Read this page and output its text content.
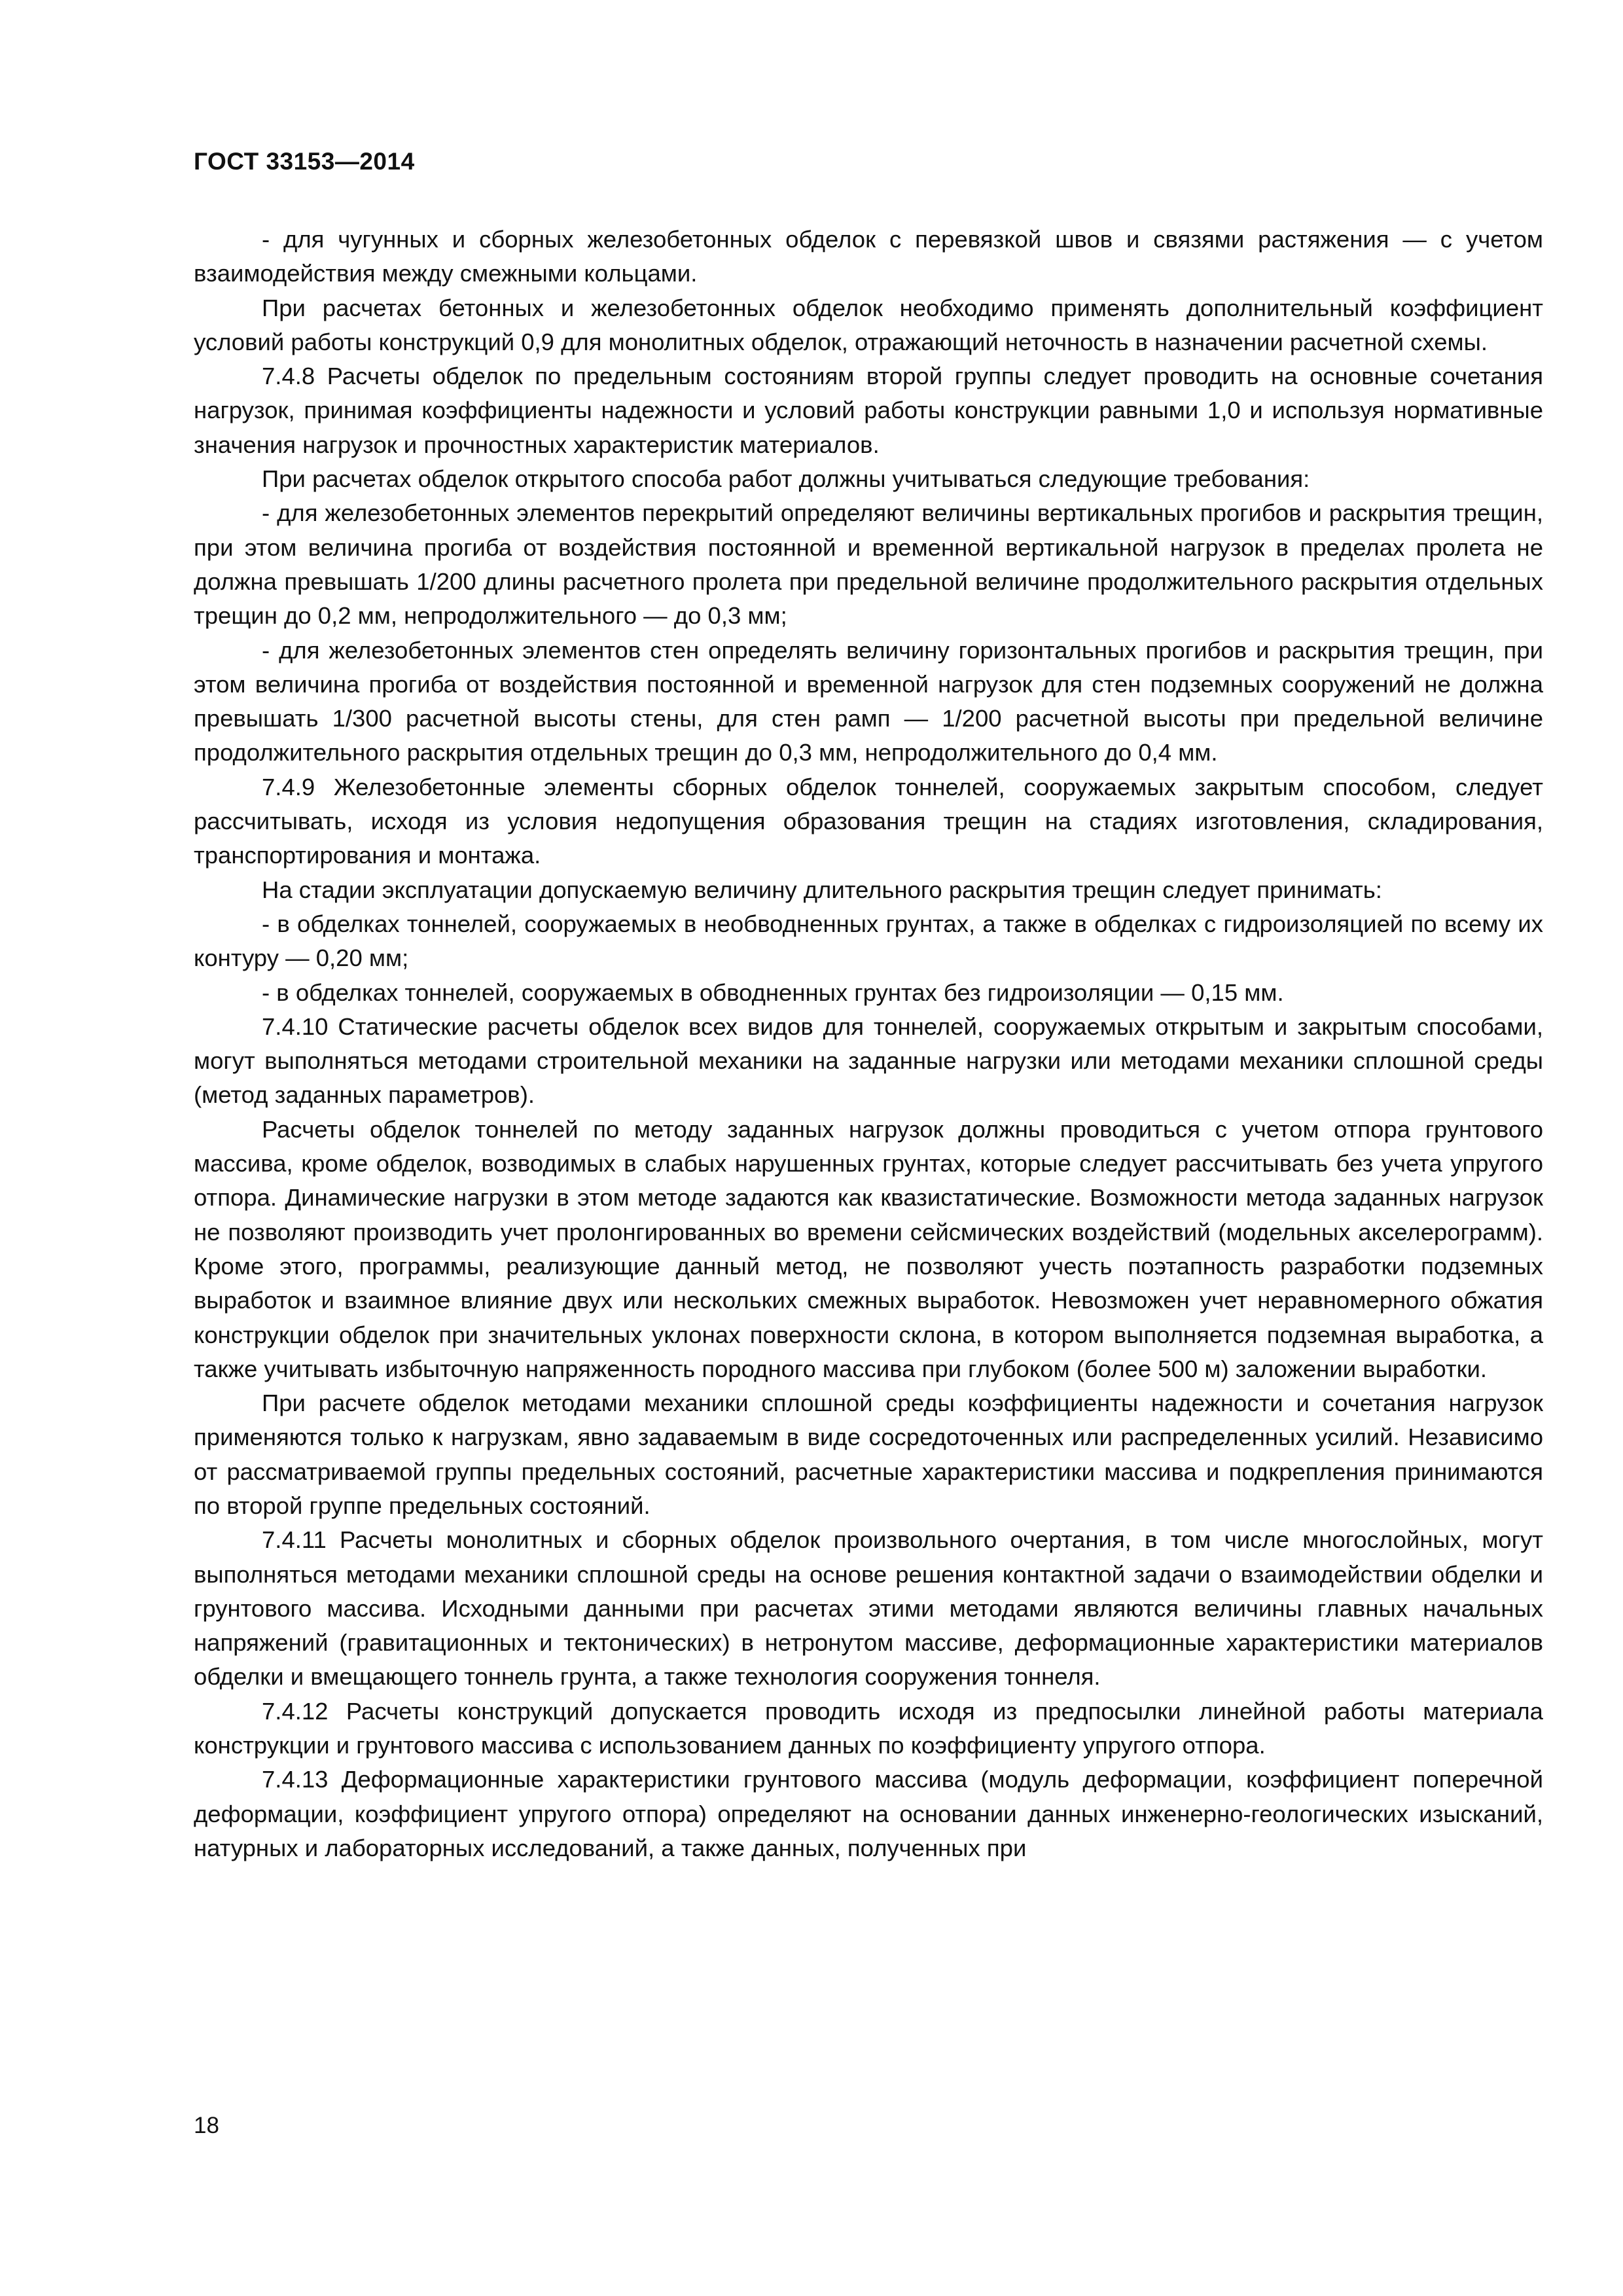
ГОСТ 33153—2014

- для чугунных и сборных железобетонных обделок с перевязкой швов и связями растяжения — с учетом взаимодействия между смежными кольцами.

При расчетах бетонных и железобетонных обделок необходимо применять дополнительный коэффициент условий работы конструкций 0,9 для монолитных обделок, отражающий неточность в назначении расчетной схемы.

7.4.8 Расчеты обделок по предельным состояниям второй группы следует проводить на основные сочетания нагрузок, принимая коэффициенты надежности и условий работы конструкции равными 1,0 и используя нормативные значения нагрузок и прочностных характеристик материалов.

При расчетах обделок открытого способа работ должны учитываться следующие требования:

- для железобетонных элементов перекрытий определяют величины вертикальных прогибов и раскрытия трещин, при этом величина прогиба от воздействия постоянной и временной вертикальной нагрузок в пределах пролета не должна превышать 1/200 длины расчетного пролета при предельной величине продолжительного раскрытия отдельных трещин до 0,2 мм, непродолжительного — до 0,3 мм;

- для железобетонных элементов стен определять величину горизонтальных прогибов и раскрытия трещин, при этом величина прогиба от воздействия постоянной и временной нагрузок для стен подземных сооружений не должна превышать 1/300 расчетной высоты стены, для стен рамп — 1/200 расчетной высоты при предельной величине продолжительного раскрытия отдельных трещин до 0,3 мм, непродолжительного до 0,4 мм.

7.4.9 Железобетонные элементы сборных обделок тоннелей, сооружаемых закрытым способом, следует рассчитывать, исходя из условия недопущения образования трещин на стадиях изготовления, складирования, транспортирования и монтажа.

На стадии эксплуатации допускаемую величину длительного раскрытия трещин следует принимать:

- в обделках тоннелей, сооружаемых в необводненных грунтах, а также в обделках с гидроизоляцией по всему их контуру — 0,20 мм;

- в обделках тоннелей, сооружаемых в обводненных грунтах без гидроизоляции — 0,15 мм.

7.4.10 Статические расчеты обделок всех видов для тоннелей, сооружаемых открытым и закрытым способами, могут выполняться методами строительной механики на заданные нагрузки или методами механики сплошной среды (метод заданных параметров).

Расчеты обделок тоннелей по методу заданных нагрузок должны проводиться с учетом отпора грунтового массива, кроме обделок, возводимых в слабых нарушенных грунтах, которые следует рассчитывать без учета упругого отпора. Динамические нагрузки в этом методе задаются как квазистатические. Возможности метода заданных нагрузок не позволяют производить учет пролонгированных во времени сейсмических воздействий (модельных акселерограмм). Кроме этого, программы, реализующие данный метод, не позволяют учесть поэтапность разработки подземных выработок и взаимное влияние двух или нескольких смежных выработок. Невозможен учет неравномерного обжатия конструкции обделок при значительных уклонах поверхности склона, в котором выполняется подземная выработка, а также учитывать избыточную напряженность породного массива при глубоком (более 500 м) заложении выработки.

При расчете обделок методами механики сплошной среды коэффициенты надежности и сочетания нагрузок применяются только к нагрузкам, явно задаваемым в виде сосредоточенных или распределенных усилий. Независимо от рассматриваемой группы предельных состояний, расчетные характеристики массива и подкрепления принимаются по второй группе предельных состояний.

7.4.11 Расчеты монолитных и сборных обделок произвольного очертания, в том числе многослойных, могут выполняться методами механики сплошной среды на основе решения контактной задачи о взаимодействии обделки и грунтового массива. Исходными данными при расчетах этими методами являются величины главных начальных напряжений (гравитационных и тектонических) в нетронутом массиве, деформационные характеристики материалов обделки и вмещающего тоннель грунта, а также технология сооружения тоннеля.

7.4.12 Расчеты конструкций допускается проводить исходя из предпосылки линейной работы материала конструкции и грунтового массива с использованием данных по коэффициенту упругого отпора.

7.4.13 Деформационные характеристики грунтового массива (модуль деформации, коэффициент поперечной деформации, коэффициент упругого отпора) определяют на основании данных инженерно-геологических изысканий, натурных и лабораторных исследований, а также данных, полученных при

18
